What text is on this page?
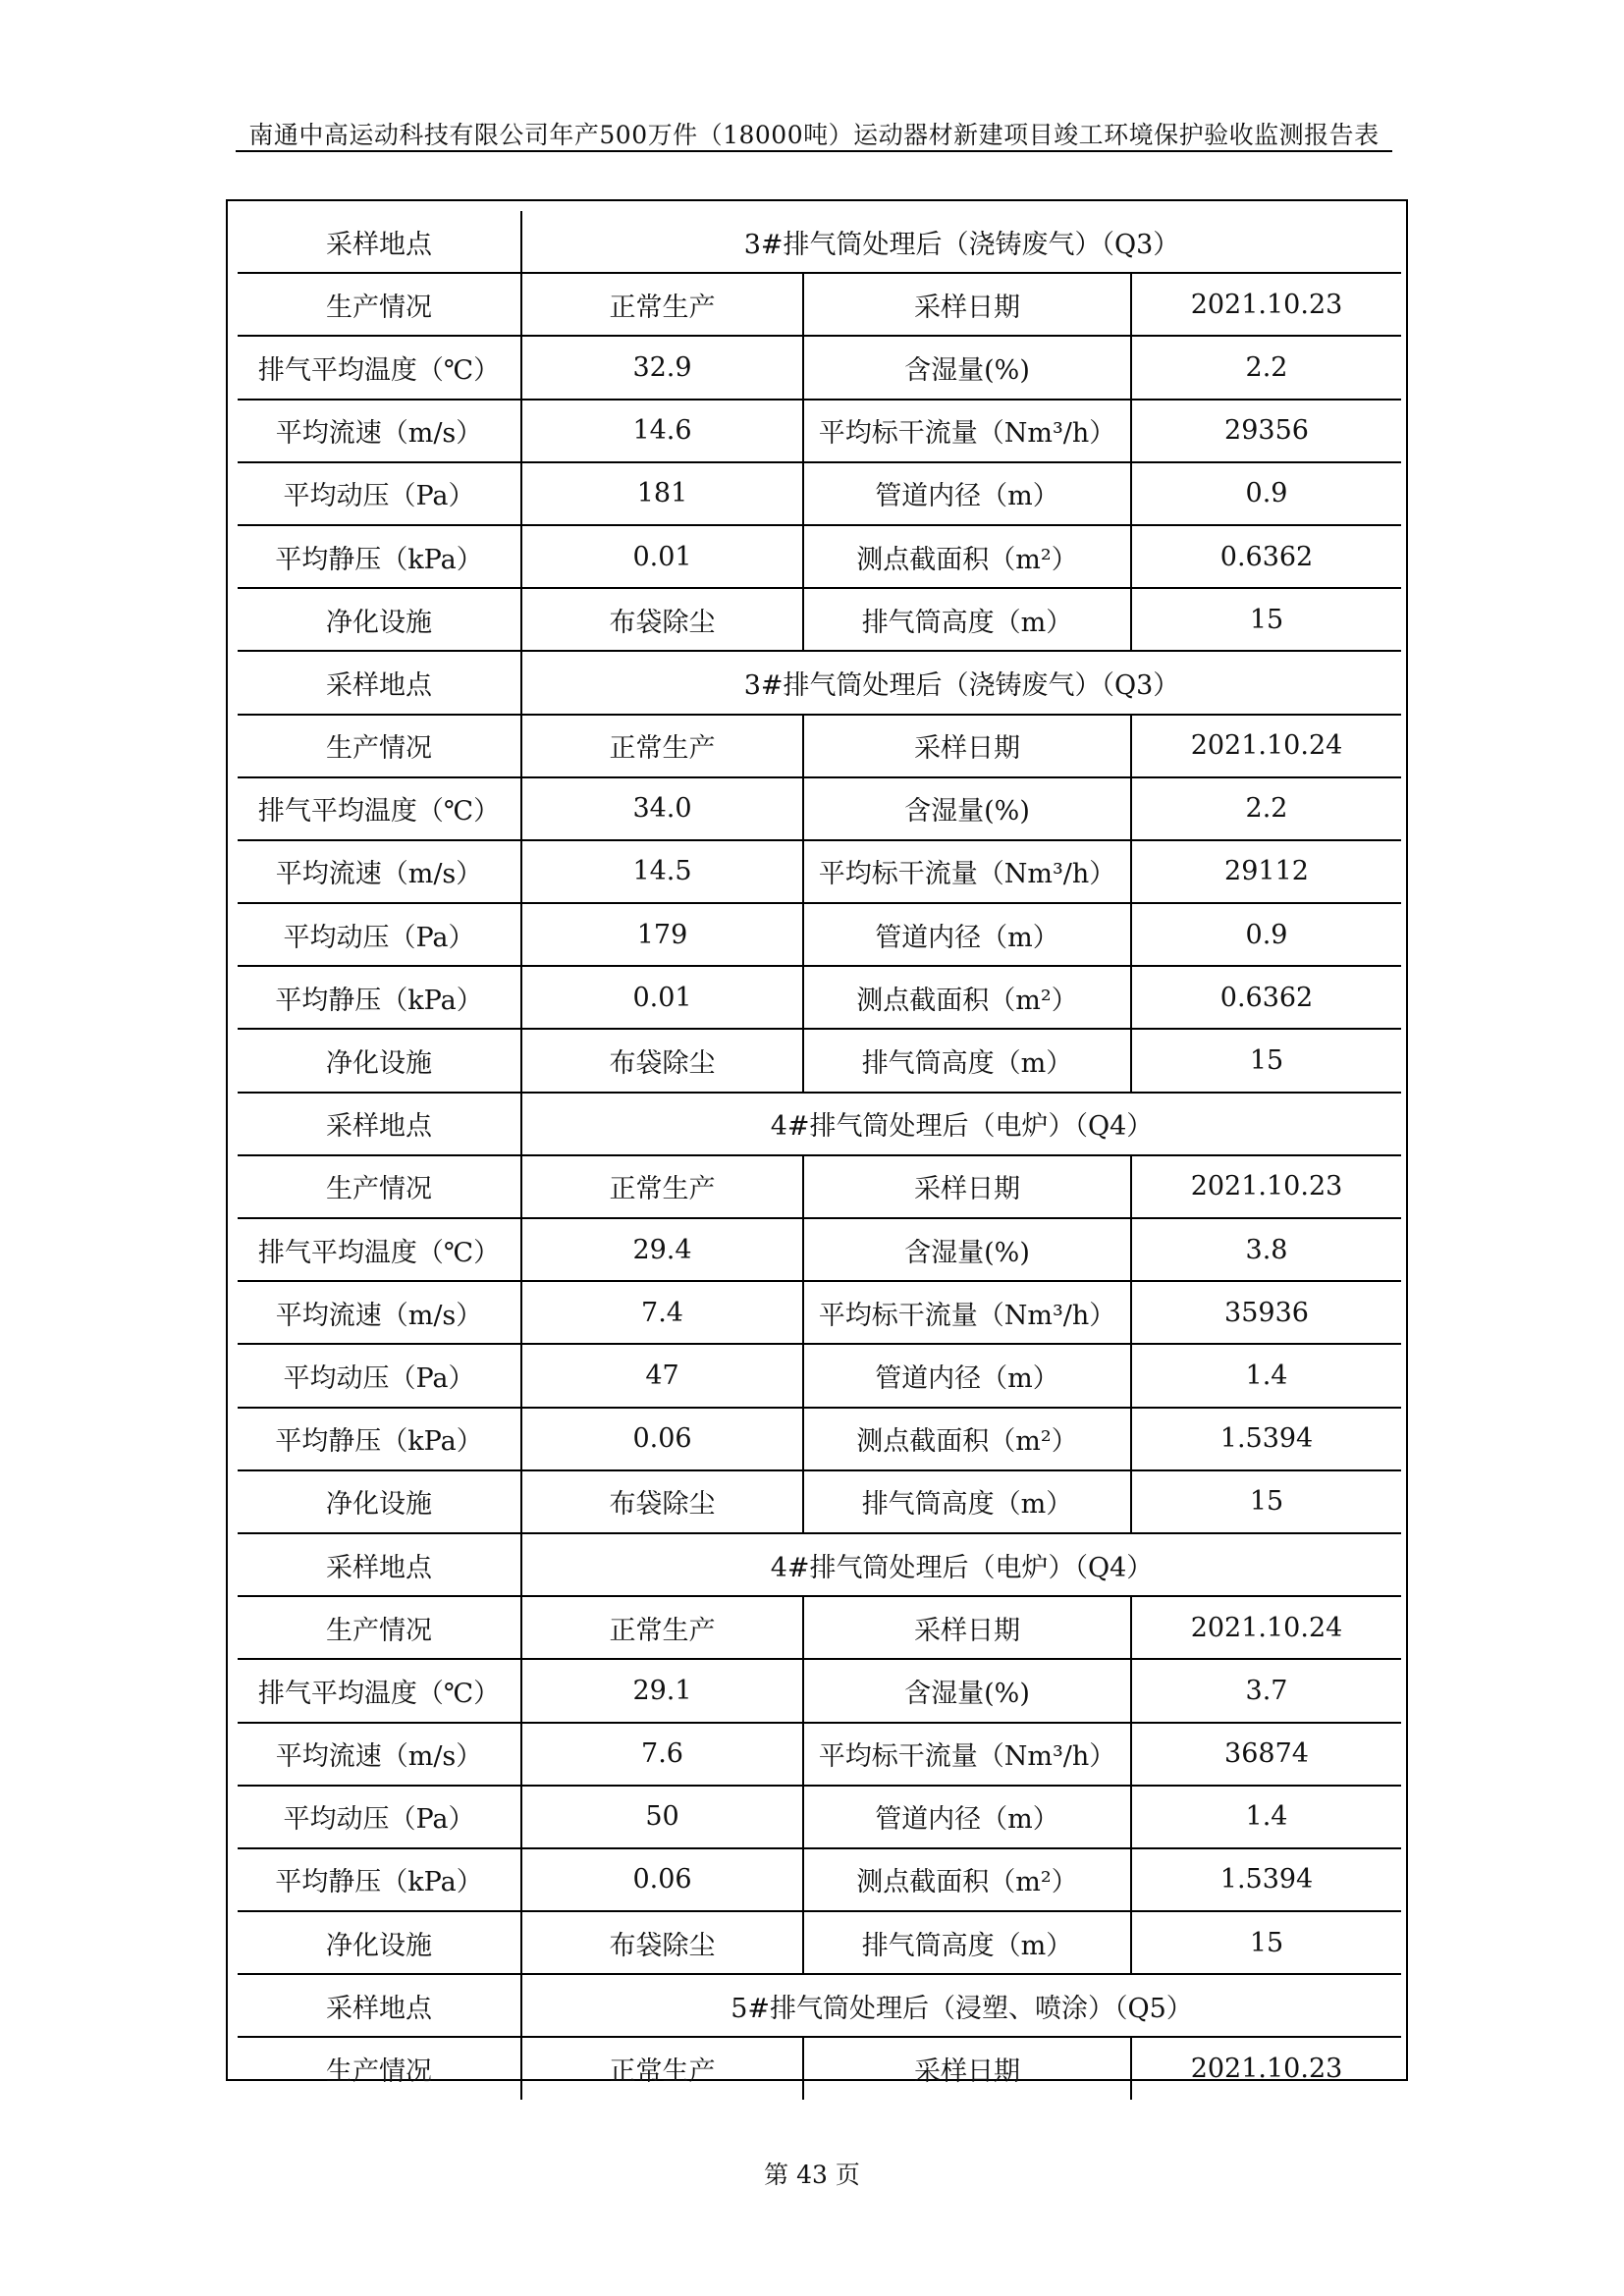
南通中高运动科技有限公司年产500万件（18000吨）运动器材新建项目竣工环境保护验收监测报告表
采样地点	3#排气筒处理后（浇铸废气）（Q3）		
生产情况	正常生产	采样日期	2021.10.23
排气平均温度（℃）	32.9	含湿量(%)	2.2
平均流速（m/s）	14.6	平均标干流量（Nm³/h）	29356
平均动压（Pa）	181	管道内径（m）	0.9
平均静压（kPa）	0.01	测点截面积（m²）	0.6362
净化设施	布袋除尘	排气筒高度（m）	15
采样地点	3#排气筒处理后（浇铸废气）（Q3）		
生产情况	正常生产	采样日期	2021.10.24
排气平均温度（℃）	34.0	含湿量(%)	2.2
平均流速（m/s）	14.5	平均标干流量（Nm³/h）	29112
平均动压（Pa）	179	管道内径（m）	0.9
平均静压（kPa）	0.01	测点截面积（m²）	0.6362
净化设施	布袋除尘	排气筒高度（m）	15
采样地点	4#排气筒处理后（电炉）（Q4）		
生产情况	正常生产	采样日期	2021.10.23
排气平均温度（℃）	29.4	含湿量(%)	3.8
平均流速（m/s）	7.4	平均标干流量（Nm³/h）	35936
平均动压（Pa）	47	管道内径（m）	1.4
平均静压（kPa）	0.06	测点截面积（m²）	1.5394
净化设施	布袋除尘	排气筒高度（m）	15
采样地点	4#排气筒处理后（电炉）（Q4）		
生产情况	正常生产	采样日期	2021.10.24
排气平均温度（℃）	29.1	含湿量(%)	3.7
平均流速（m/s）	7.6	平均标干流量（Nm³/h）	36874
平均动压（Pa）	50	管道内径（m）	1.4
平均静压（kPa）	0.06	测点截面积（m²）	1.5394
净化设施	布袋除尘	排气筒高度（m）	15
采样地点	5#排气筒处理后（浸塑、喷涂）（Q5）		
生产情况	正常生产	采样日期	2021.10.23
第 43 页
